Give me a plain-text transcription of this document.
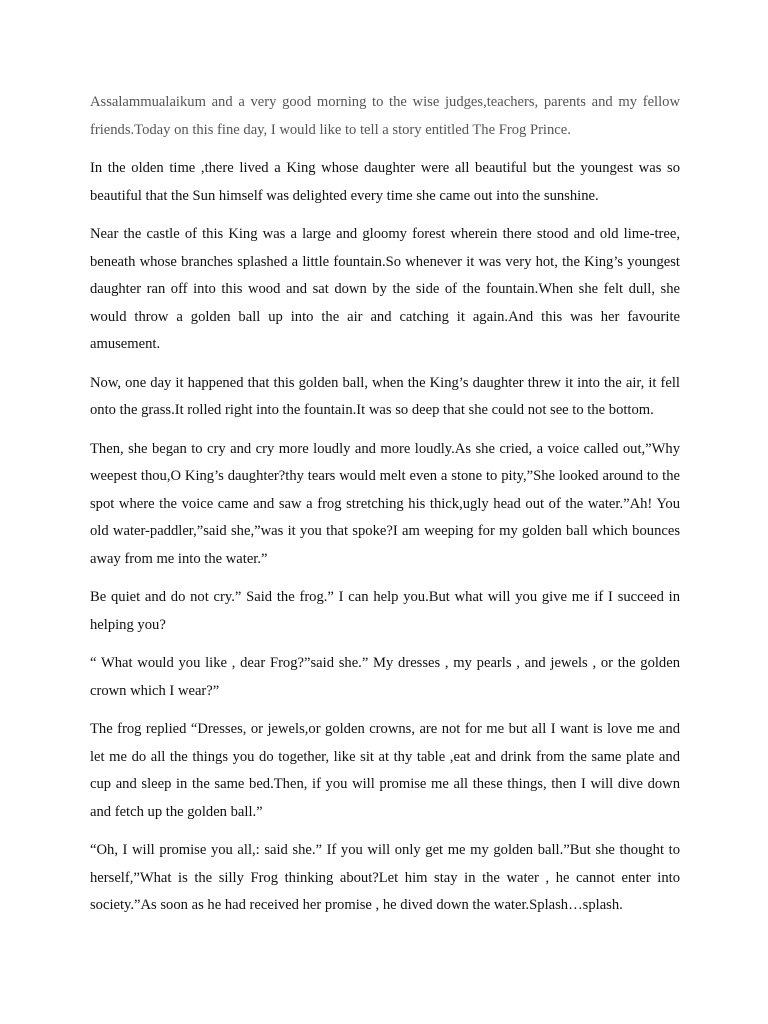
Assalammualaikum and a very good morning to the wise judges,teachers, parents and my fellow friends.Today on this fine day, I would like to tell a story entitled The Frog Prince.

In the olden time ,there lived a King whose daughter were all beautiful but the youngest was so beautiful that the Sun himself was delighted every time she came out into the sunshine.

Near the castle of this King was a large and gloomy forest wherein there stood and old lime-tree, beneath whose branches splashed a little fountain.So whenever it was very hot, the King’s youngest daughter ran off into this wood and sat down by the side of the fountain.When she felt dull, she would throw a golden ball up into the air and catching it again.And this was her favourite amusement.

Now, one day it happened that this golden ball, when the King’s daughter threw it into the air, it fell onto the grass.It rolled right into the fountain.It was so deep that she could not see to the bottom.

Then, she began to cry and cry more loudly and more loudly.As she cried, a voice called out,”Why weepest thou,O King’s daughter?thy tears would melt even a stone to pity,”She looked around to the spot where the voice came and saw a frog stretching his thick,ugly head out of the water.”Ah! You old water-paddler,”said she,”was it you that spoke?I am weeping for my golden ball which bounces away from me into the water.”

Be quiet and do not cry.” Said the frog.” I can help you.But what will you give me if I succeed in helping you?

“ What would you like , dear Frog?”said she.” My dresses , my pearls , and jewels , or the golden crown which I wear?”

The frog replied “Dresses, or jewels,or golden crowns, are not for me but all I want is love me and let me do all the things you do together, like sit at thy table ,eat and drink from the same plate and cup and sleep in the same bed.Then, if you will promise me all these things, then I will dive down and fetch up the golden ball.”

“Oh, I will promise you all,: said she.” If you will only get me my golden ball.”But she thought to herself,”What is the silly Frog thinking about?Let him stay in the water , he cannot enter into society.”As soon as he had received her promise , he dived down the water.Splash…splash.
